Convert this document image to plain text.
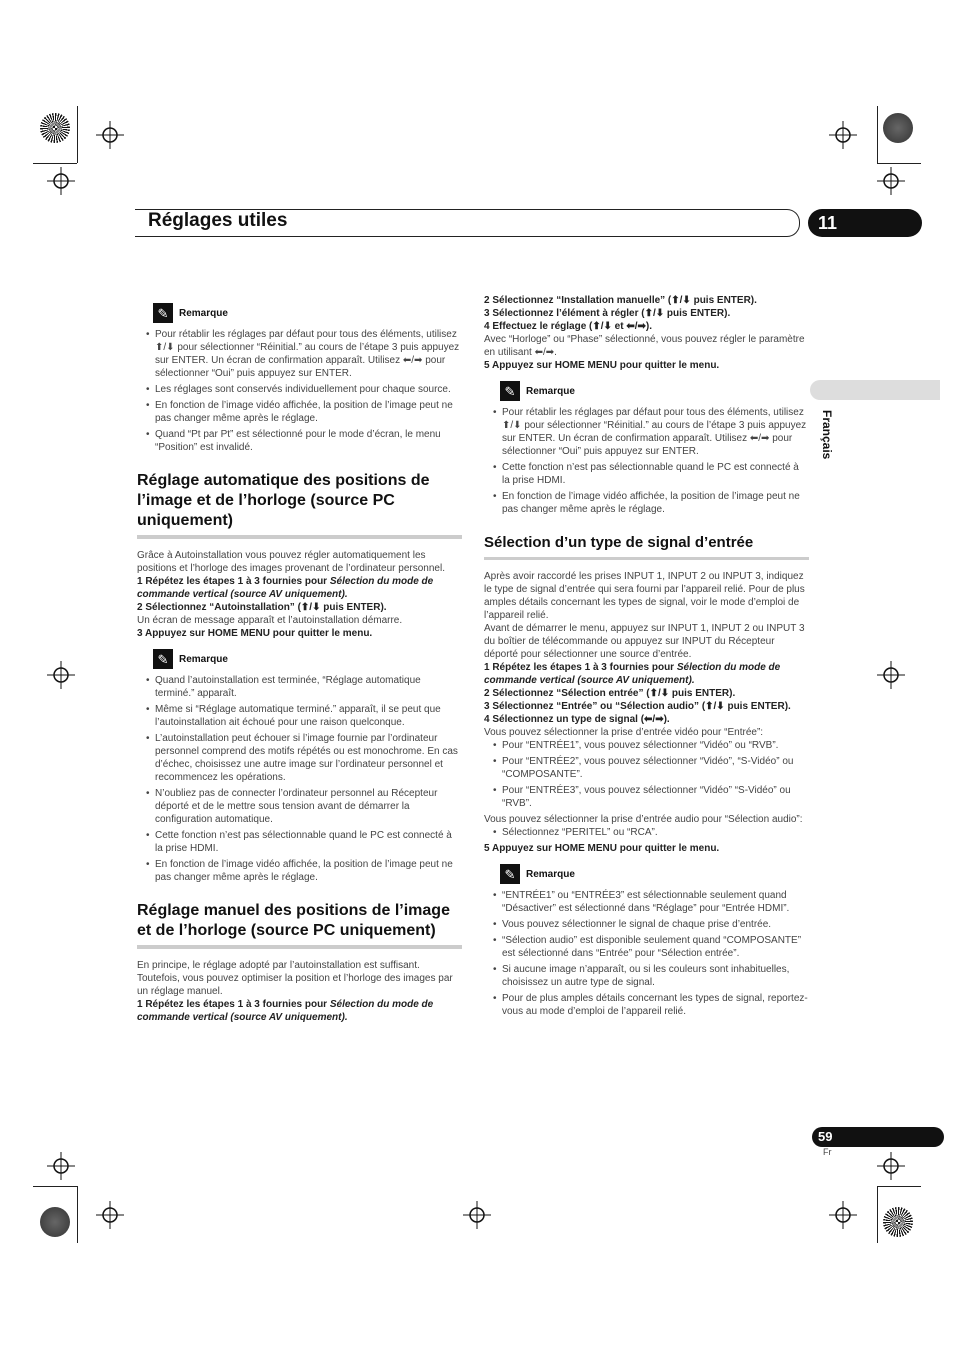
Réglages utiles	11
Français
✎	Remarque
• Pour rétablir les réglages par défaut pour tous des éléments, utilisez ⬆/⬇ pour sélectionner “Réinitial.” au cours de l’étape 3 puis appuyez sur ENTER. Un écran de confirmation apparaît. Utilisez ⬅/➡ pour sélectionner “Oui” puis appuyez sur ENTER.
• Les réglages sont conservés individuellement pour chaque source.
• En fonction de l’image vidéo affichée, la position de l’image peut ne pas changer même après le réglage.
• Quand “Pt par Pt” est sélectionné pour le mode d’écran, le menu “Position” est invalidé.
Réglage automatique des positions de l’image et de l’horloge (source PC uniquement)

Grâce à Autoinstallation vous pouvez régler automatiquement les positions et l’horloge des images provenant de l’ordinateur personnel.

1 Répétez les étapes 1 à 3 fournies pour Sélection du mode de commande vertical (source AV uniquement).

2 Sélectionnez “Autoinstallation” (⬆/⬇ puis ENTER).

Un écran de message apparaît et l’autoinstallation démarre.

3 Appuyez sur HOME MENU pour quitter le menu.

✎	Remarque
• Quand l’autoinstallation est terminée, “Réglage automatique terminé.” apparaît.
• Même si “Réglage automatique terminé.” apparaît, il se peut que l’autoinstallation ait échoué pour une raison quelconque.
• L’autoinstallation peut échouer si l’image fournie par l’ordinateur personnel comprend des motifs répétés ou est monochrome. En cas d’échec, choisissez une autre image sur l’ordinateur personnel et recommencez les opérations.
• N’oubliez pas de connecter l’ordinateur personnel au Récepteur déporté et de le mettre sous tension avant de démarrer la configuration automatique.
• Cette fonction n’est pas sélectionnable quand le PC est connecté à la prise HDMI.
• En fonction de l’image vidéo affichée, la position de l’image peut ne pas changer même après le réglage.
Réglage manuel des positions de l’image et de l’horloge (source PC uniquement)

En principe, le réglage adopté par l’autoinstallation est suffisant. Toutefois, vous pouvez optimiser la position et l’horloge des images par un réglage manuel.

1 Répétez les étapes 1 à 3 fournies pour Sélection du mode de commande vertical (source AV uniquement).

2 Sélectionnez “Installation manuelle” (⬆/⬇ puis ENTER).

3 Sélectionnez l’élément à régler (⬆/⬇ puis ENTER).

4 Effectuez le réglage (⬆/⬇ et ⬅/➡).

Avec “Horloge” ou “Phase” sélectionné, vous pouvez régler le paramètre en utilisant ⬅/➡.

5 Appuyez sur HOME MENU pour quitter le menu.

✎	Remarque
• Pour rétablir les réglages par défaut pour tous des éléments, utilisez ⬆/⬇ pour sélectionner “Réinitial.” au cours de l’étape 3 puis appuyez sur ENTER. Un écran de confirmation apparaît. Utilisez ⬅/➡ pour sélectionner “Oui” puis appuyez sur ENTER.
• Cette fonction n’est pas sélectionnable quand le PC est connecté à la prise HDMI.
• En fonction de l’image vidéo affichée, la position de l’image peut ne pas changer même après le réglage.
Sélection d’un type de signal d’entrée

Après avoir raccordé les prises INPUT 1, INPUT 2 ou INPUT 3, indiquez le type de signal d’entrée qui sera fourni par l’appareil relié. Pour de plus amples détails concernant les types de signal, voir le mode d’emploi de l’appareil relié.

Avant de démarrer le menu, appuyez sur INPUT 1, INPUT 2 ou INPUT 3 du boîtier de télécommande ou appuyez sur INPUT du Récepteur déporté pour sélectionner une source d’entrée.

1 Répétez les étapes 1 à 3 fournies pour Sélection du mode de commande vertical (source AV uniquement).

2 Sélectionnez “Sélection entrée” (⬆/⬇ puis ENTER).

3 Sélectionnez “Entrée” ou “Sélection audio” (⬆/⬇ puis ENTER).

4 Sélectionnez un type de signal (⬅/➡).

Vous pouvez sélectionner la prise d’entrée vidéo pour “Entrée”:

• Pour “ENTRÉE1”, vous pouvez sélectionner “Vidéo” ou “RVB”.
• Pour “ENTRÉE2”, vous pouvez sélectionner “Vidéo”, “S-Vidéo” ou “COMPOSANTE”.
• Pour “ENTRÉE3”, vous pouvez sélectionner “Vidéo” “S-Vidéo” ou “RVB”.

Vous pouvez sélectionner la prise d’entrée audio pour “Sélection audio”:

• Sélectionnez “PERITEL” ou “RCA”.

5 Appuyez sur HOME MENU pour quitter le menu.

✎	Remarque
• “ENTRÉE1” ou “ENTRÉE3” est sélectionnable seulement quand “Désactiver” est sélectionné dans “Réglage” pour “Entrée HDMI”.
• Vous pouvez sélectionner le signal de chaque prise d’entrée.
• “Sélection audio” est disponible seulement quand “COMPOSANTE” est sélectionné dans “Entrée” pour “Sélection entrée”.
• Si aucune image n’apparaît, ou si les couleurs sont inhabituelles, choisissez un autre type de signal.
• Pour de plus amples détails concernant les types de signal, reportez-vous au mode d’emploi de l’appareil relié.
59
Fr
